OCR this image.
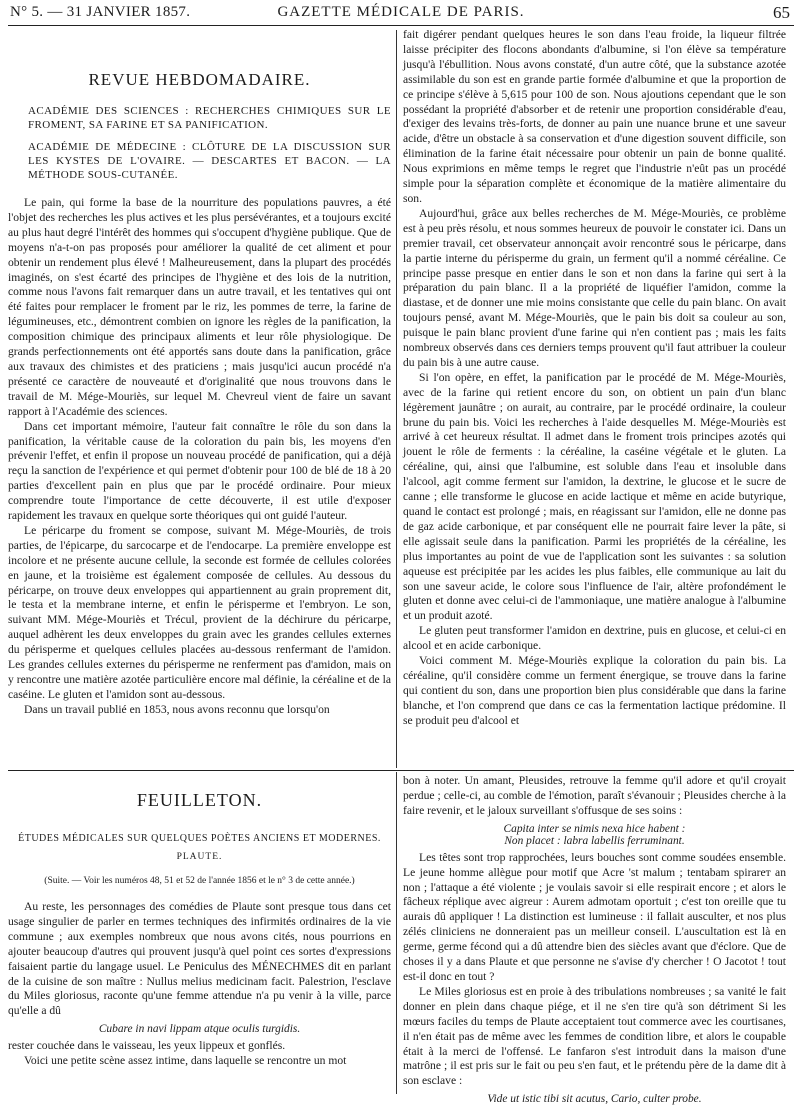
N° 5. — 31 JANVIER 1857.	GAZETTE MÉDICALE DE PARIS.	65
REVUE HEBDOMADAIRE.
ACADÉMIE DES SCIENCES : RECHERCHES CHIMIQUES SUR LE FROMENT, SA FARINE ET SA PANIFICATION.
ACADÉMIE DE MÉDECINE : CLÔTURE DE LA DISCUSSION SUR LES KYSTES DE L'OVAIRE. — DESCARTES ET BACON. — LA MÉTHODE SOUS-CUTANÉE.

Le pain, qui forme la base de la nourriture des populations pauvres, a été l'objet des recherches les plus actives et les plus persévérantes, et a toujours excité au plus haut degré l'intérêt des hommes qui s'occupent d'hygiène publique. Que de moyens n'a-t-on pas proposés pour améliorer la qualité de cet aliment et pour obtenir un rendement plus élevé ! Malheureusement, dans la plupart des procédés imaginés, on s'est écarté des principes de l'hygiène et des lois de la nutrition, comme nous l'avons fait remarquer dans un autre travail, et les tentatives qui ont été faites pour remplacer le froment par le riz, les pommes de terre, la farine de légumineuses, etc., démontrent combien on ignore les règles de la panification, la composition chimique des principaux aliments et leur rôle physiologique. De grands perfectionnements ont été apportés sans doute dans la panification, grâce aux travaux des chimistes et des praticiens ; mais jusqu'ici aucun procédé n'a présenté ce caractère de nouveauté et d'originalité que nous trouvons dans le travail de M. Mége-Mouriès, sur lequel M. Chevreul vient de faire un savant rapport à l'Académie des sciences.

Dans cet important mémoire, l'auteur fait connaître le rôle du son dans la panification, la véritable cause de la coloration du pain bis, les moyens d'en prévenir l'effet, et enfin il propose un nouveau procédé de panification, qui a déjà reçu la sanction de l'expérience et qui permet d'obtenir pour 100 de blé de 18 à 20 parties d'excellent pain en plus que par le procédé ordinaire. Pour mieux comprendre toute l'importance de cette découverte, il est utile d'exposer rapidement les travaux en quelque sorte théoriques qui ont guidé l'auteur.

Le péricarpe du froment se compose, suivant M. Mége-Mouriès, de trois parties, de l'épicarpe, du sarcocarpe et de l'endocarpe. La première enveloppe est incolore et ne présente aucune cellule, la seconde est formée de cellules colorées en jaune, et la troisième est également composée de cellules. Au dessous du péricarpe, on trouve deux enveloppes qui appartiennent au grain proprement dit, le testa et la membrane interne, et enfin le périsperme et l'embryon. Le son, suivant MM. Mége-Mouriès et Trécul, provient de la déchirure du péricarpe, auquel adhèrent les deux enveloppes du grain avec les grandes cellules externes du périsperme et quelques cellules placées au-dessous renfermant de l'amidon. Les grandes cellules externes du périsperme ne renferment pas d'amidon, mais on y rencontre une matière azotée particulière encore mal définie, la céréaline et de la caséine. Le gluten et l'amidon sont au-dessous.

Dans un travail publié en 1853, nous avons reconnu que lorsqu'on

fait digérer pendant quelques heures le son dans l'eau froide, la liqueur filtrée laisse précipiter des flocons abondants d'albumine, si l'on élève sa température jusqu'à l'ébullition. Nous avons constaté, d'un autre côté, que la substance azotée assimilable du son est en grande partie formée d'albumine et que la proportion de ce principe s'élève à 5,615 pour 100 de son. Nous ajoutions cependant que le son possédant la propriété d'absorber et de retenir une proportion considérable d'eau, d'exiger des levains très-forts, de donner au pain une nuance brune et une saveur acide, d'être un obstacle à sa conservation et d'une digestion souvent difficile, son élimination de la farine était nécessaire pour obtenir un pain de bonne qualité. Nous exprimions en même temps le regret que l'industrie n'eût pas un procédé simple pour la séparation complète et économique de la matière alimentaire du son.

Aujourd'hui, grâce aux belles recherches de M. Mége-Mouriès, ce problème est à peu près résolu, et nous sommes heureux de pouvoir le constater ici. Dans un premier travail, cet observateur annonçait avoir rencontré sous le péricarpe, dans la partie interne du périsperme du grain, un ferment qu'il a nommé céréaline. Ce principe passe presque en entier dans le son et non dans la farine qui sert à la préparation du pain blanc. Il a la propriété de liquéfier l'amidon, comme la diastase, et de donner une mie moins consistante que celle du pain blanc. On avait toujours pensé, avant M. Mége-Mouriès, que le pain bis doit sa couleur au son, puisque le pain blanc provient d'une farine qui n'en contient pas ; mais les faits nombreux observés dans ces derniers temps prouvent qu'il faut attribuer la couleur du pain bis à une autre cause.

Si l'on opère, en effet, la panification par le procédé de M. Mége-Mouriès, avec de la farine qui retient encore du son, on obtient un pain d'un blanc légèrement jaunâtre ; on aurait, au contraire, par le procédé ordinaire, la couleur brune du pain bis. Voici les recherches à l'aide desquelles M. Mége-Mouriès est arrivé à cet heureux résultat. Il admet dans le froment trois principes azotés qui jouent le rôle de ferments : la céréaline, la caséine végétale et le gluten. La céréaline, qui, ainsi que l'albumine, est soluble dans l'eau et insoluble dans l'alcool, agit comme ferment sur l'amidon, la dextrine, le glucose et le sucre de canne ; elle transforme le glucose en acide lactique et même en acide butyrique, quand le contact est prolongé ; mais, en réagissant sur l'amidon, elle ne donne pas de gaz acide carbonique, et par conséquent elle ne pourrait faire lever la pâte, si elle agissait seule dans la panification. Parmi les propriétés de la céréaline, les plus importantes au point de vue de l'application sont les suivantes : sa solution aqueuse est précipitée par les acides les plus faibles, elle communique au lait du son une saveur acide, le colore sous l'influence de l'air, altère profondément le gluten et donne avec celui-ci de l'ammoniaque, une matière analogue à l'albumine et un produit azoté.

Le gluten peut transformer l'amidon en dextrine, puis en glucose, et celui-ci en alcool et en acide carbonique.

Voici comment M. Mége-Mouriès explique la coloration du pain bis. La céréaline, qu'il considère comme un ferment énergique, se trouve dans la farine qui contient du son, dans une proportion bien plus considérable que dans la farine blanche, et l'on comprend que dans ce cas la fermentation lactique prédomine. Il se produit peu d'alcool et

FEUILLETON.
ÉTUDES MÉDICALES SUR QUELQUES POÈTES ANCIENS ET MODERNES.
PLAUTE.
(Suite. — Voir les numéros 48, 51 et 52 de l'année 1856 et le n° 3 de cette année.)

Au reste, les personnages des comédies de Plaute sont presque tous dans cet usage singulier de parler en termes techniques des infirmités ordinaires de la vie commune ; aux exemples nombreux que nous avons cités, nous pourrions en ajouter beaucoup d'autres qui prouvent jusqu'à quel point ces sortes d'expressions faisaient partie du langage usuel. Le Peniculus des MÉNECHMES dit en parlant de la cuisine de son maître : Nullus melius medicinam facit. Palestrion, l'esclave du Miles gloriosus, raconte qu'une femme attendue n'a pu venir à la ville, parce qu'elle a dû

Cubare in navi lippam atque oculis turgidis.

rester couchée dans le vaisseau, les yeux lippeux et gonflés.

Voici une petite scène assez intime, dans laquelle se rencontre un mot

bon à noter. Un amant, Pleusides, retrouve la femme qu'il adore et qu'il croyait perdue ; celle-ci, au comble de l'émotion, paraît s'évanouir ; Pleusides cherche à la faire revenir, et le jaloux surveillant s'offusque de ses soins :

Capita inter se nimis nexa hice habent :

Non placet : labra labellis ferruminant.

Les têtes sont trop rapprochées, leurs bouches sont comme soudées ensemble. Le jeune homme allègue pour motif que Acre 'st malum ; tentabam spirarет an non ; l'attaque a été violente ; je voulais savoir si elle respirait encore ; et alors le fâcheux réplique avec aigreur : Aurem admotam oportuit ; c'est ton oreille que tu aurais dû appliquer ! La distinction est lumineuse : il fallait ausculter, et nos plus zélés cliniciens ne donneraient pas un meilleur conseil. L'auscultation est là en germe, germe fécond qui a dû attendre bien des siècles avant que d'éclore. Que de choses il y a dans Plaute et que personne ne s'avise d'y chercher ! O Jacotot ! tout est-il donc en tout ?

Le Miles gloriosus est en proie à des tribulations nombreuses ; sa vanité le fait donner en plein dans chaque piége, et il ne s'en tire qu'à son détriment Si les mœurs faciles du temps de Plaute acceptaient tout commerce avec les courtisanes, il n'en était pas de même avec les femmes de condition libre, et alors le coupable était à la merci de l'offensé. Le fanfaron s'est introduit dans la maison d'une matrône ; il est pris sur le fait ou peu s'en faut, et le prétendu père de la dame dit à son esclave :

Vide ut istic tibi sit acutus, Cario, culter probe.
